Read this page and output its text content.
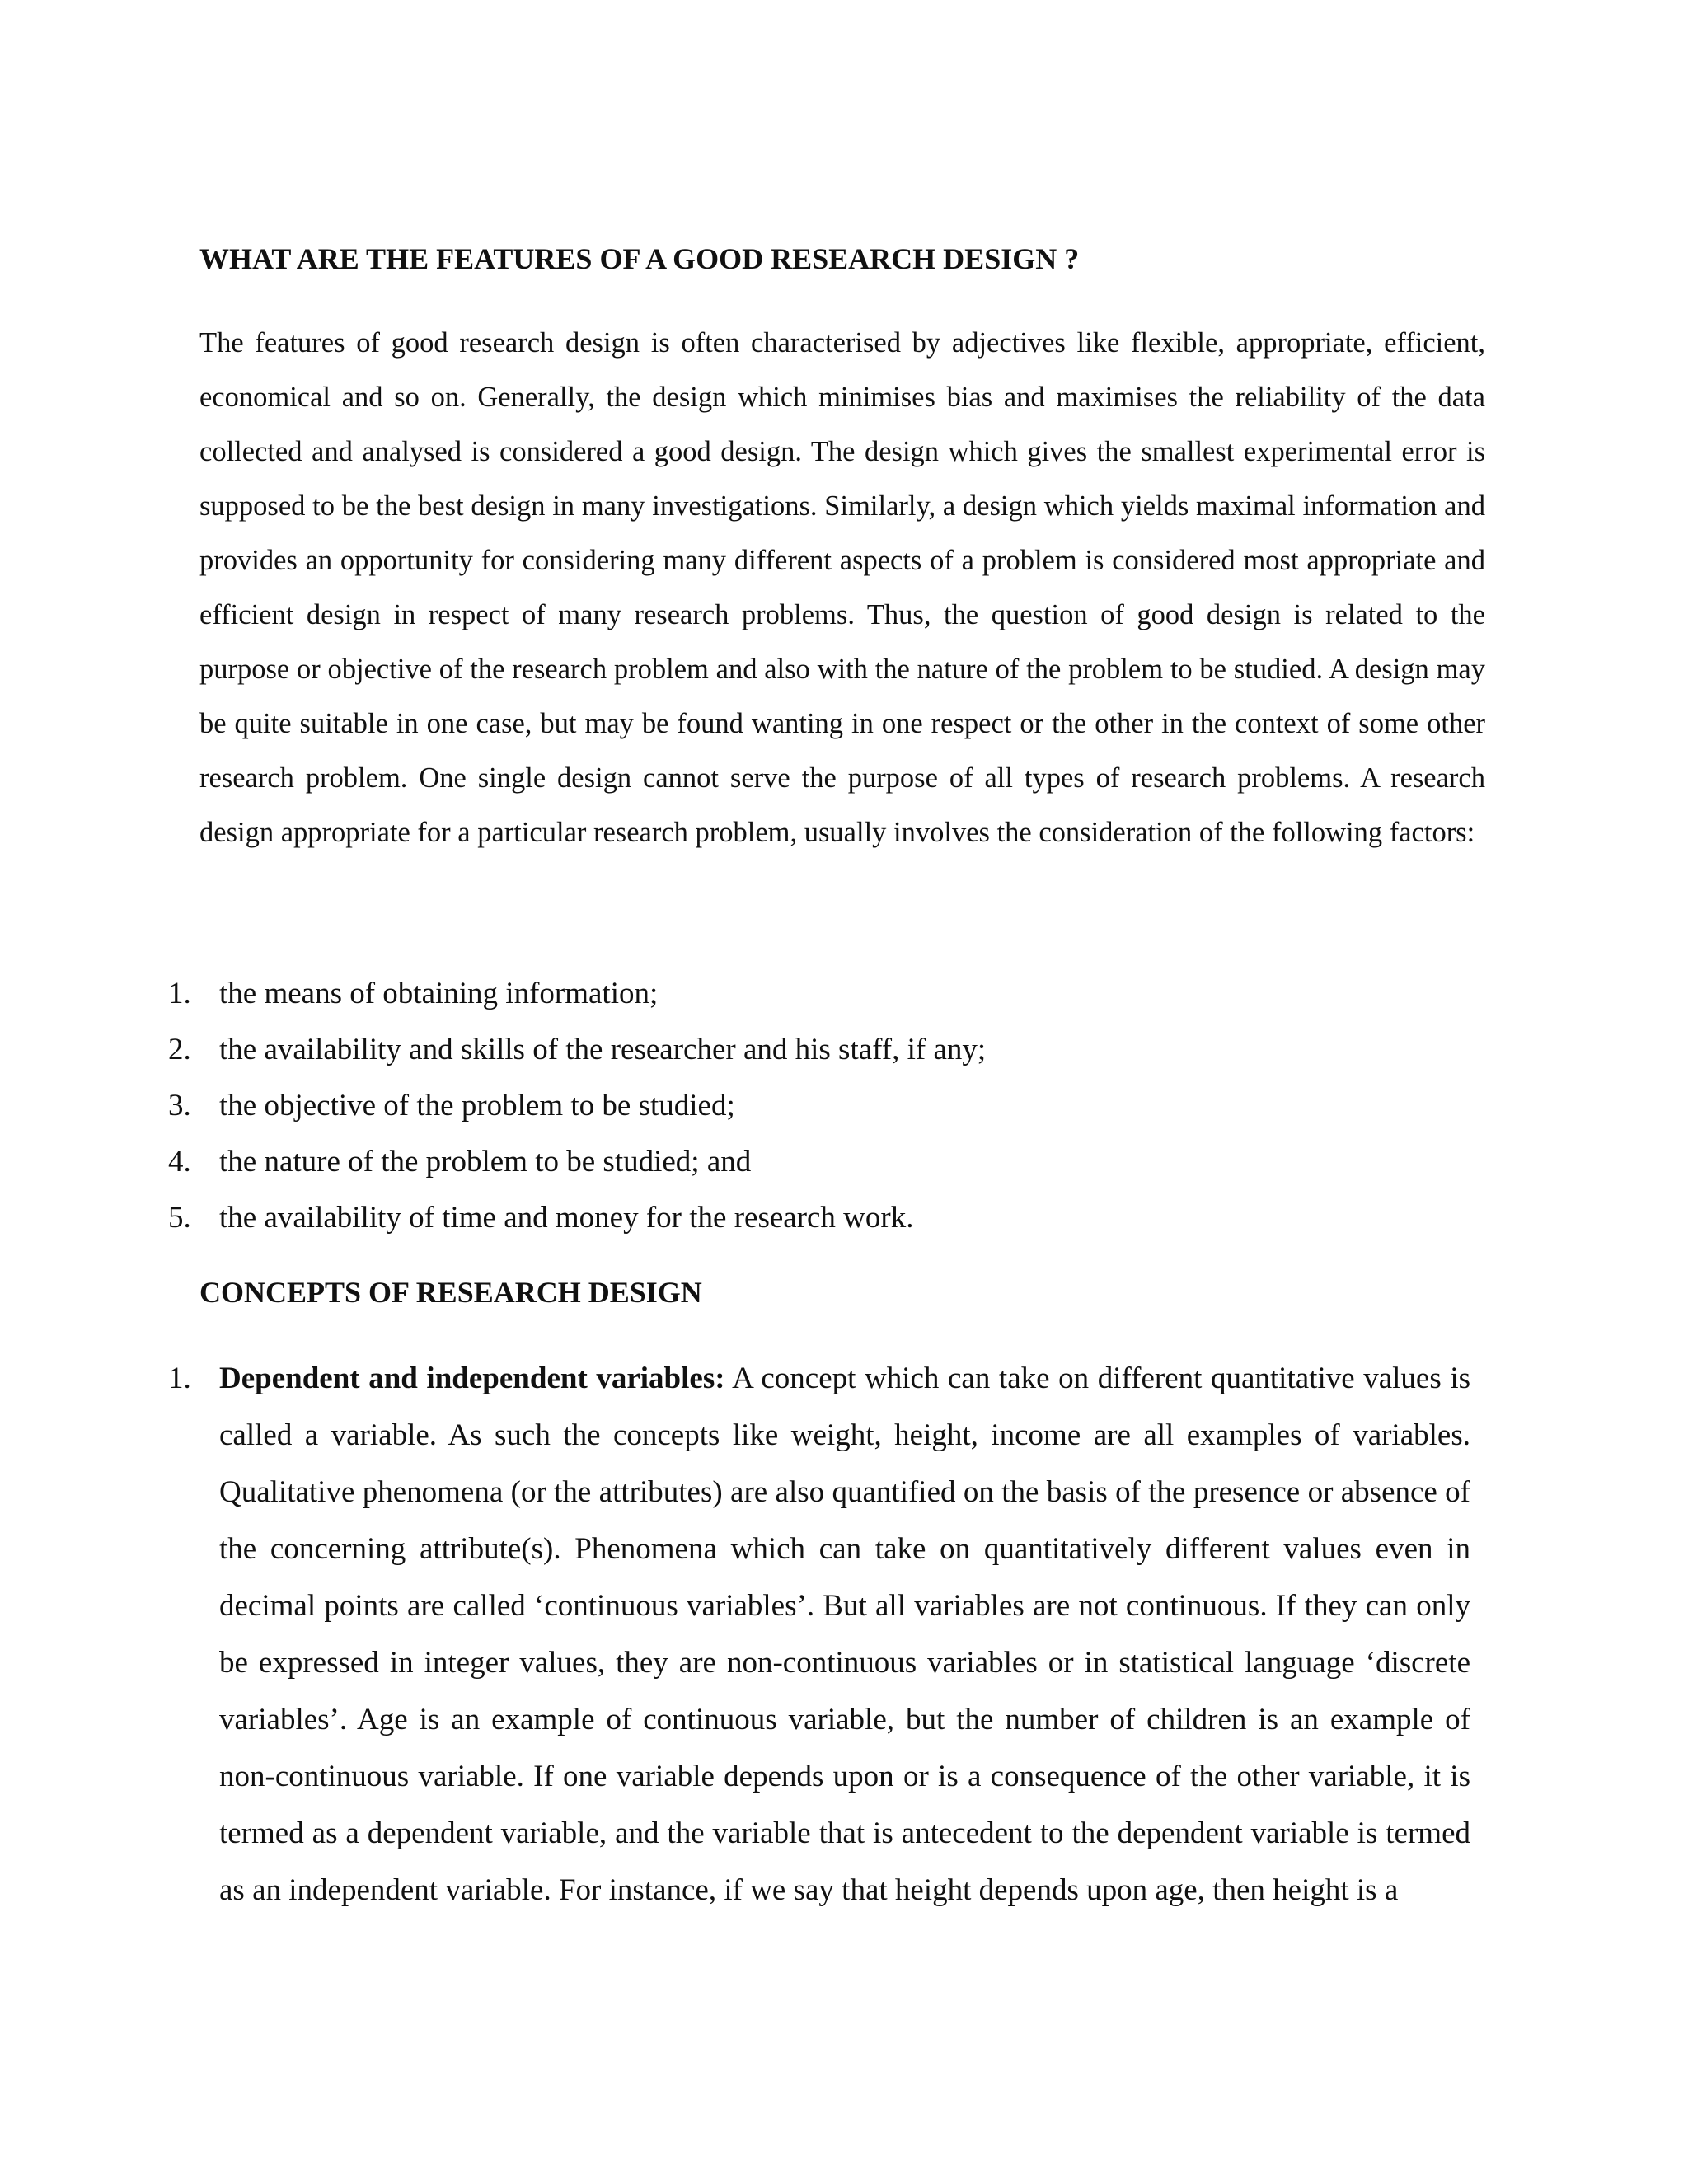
WHAT ARE THE FEATURES OF A GOOD RESEARCH DESIGN ?

The features of good research design is often characterised by adjectives like flexible, appropriate, efficient, economical and so on. Generally, the design which minimises bias and maximises the reliability of the data collected and analysed is considered a good design. The design which gives the smallest experimental error is supposed to be the best design in many investigations. Similarly, a design which yields maximal information and provides an opportunity for considering many different aspects of a problem is considered most appropriate and efficient design in respect of many research problems. Thus, the question of good design is related to the purpose or objective of the research problem and also with the nature of the problem to be studied. A design may be quite suitable in one case, but may be found wanting in one respect or the other in the context of some other research problem. One single design cannot serve the purpose of all types of research problems. A research design appropriate for a particular research problem, usually involves the consideration of the following factors:

1. the means of obtaining information;
2. the availability and skills of the researcher and his staff, if any;
3. the objective of the problem to be studied;
4. the nature of the problem to be studied; and
5. the availability of time and money for the research work.
CONCEPTS OF RESEARCH DESIGN
1. Dependent and independent variables: A concept which can take on different quantitative values is called a variable. As such the concepts like weight, height, income are all examples of variables. Qualitative phenomena (or the attributes) are also quantified on the basis of the presence or absence of the concerning attribute(s). Phenomena which can take on quantitatively different values even in decimal points are called ‘continuous variables’. But all variables are not continuous. If they can only be expressed in integer values, they are non-continuous variables or in statistical language ‘discrete variables’. Age is an example of continuous variable, but the number of children is an example of non-continuous variable. If one variable depends upon or is a consequence of the other variable, it is termed as a dependent variable, and the variable that is antecedent to the dependent variable is termed as an independent variable. For instance, if we say that height depends upon age, then height is a
